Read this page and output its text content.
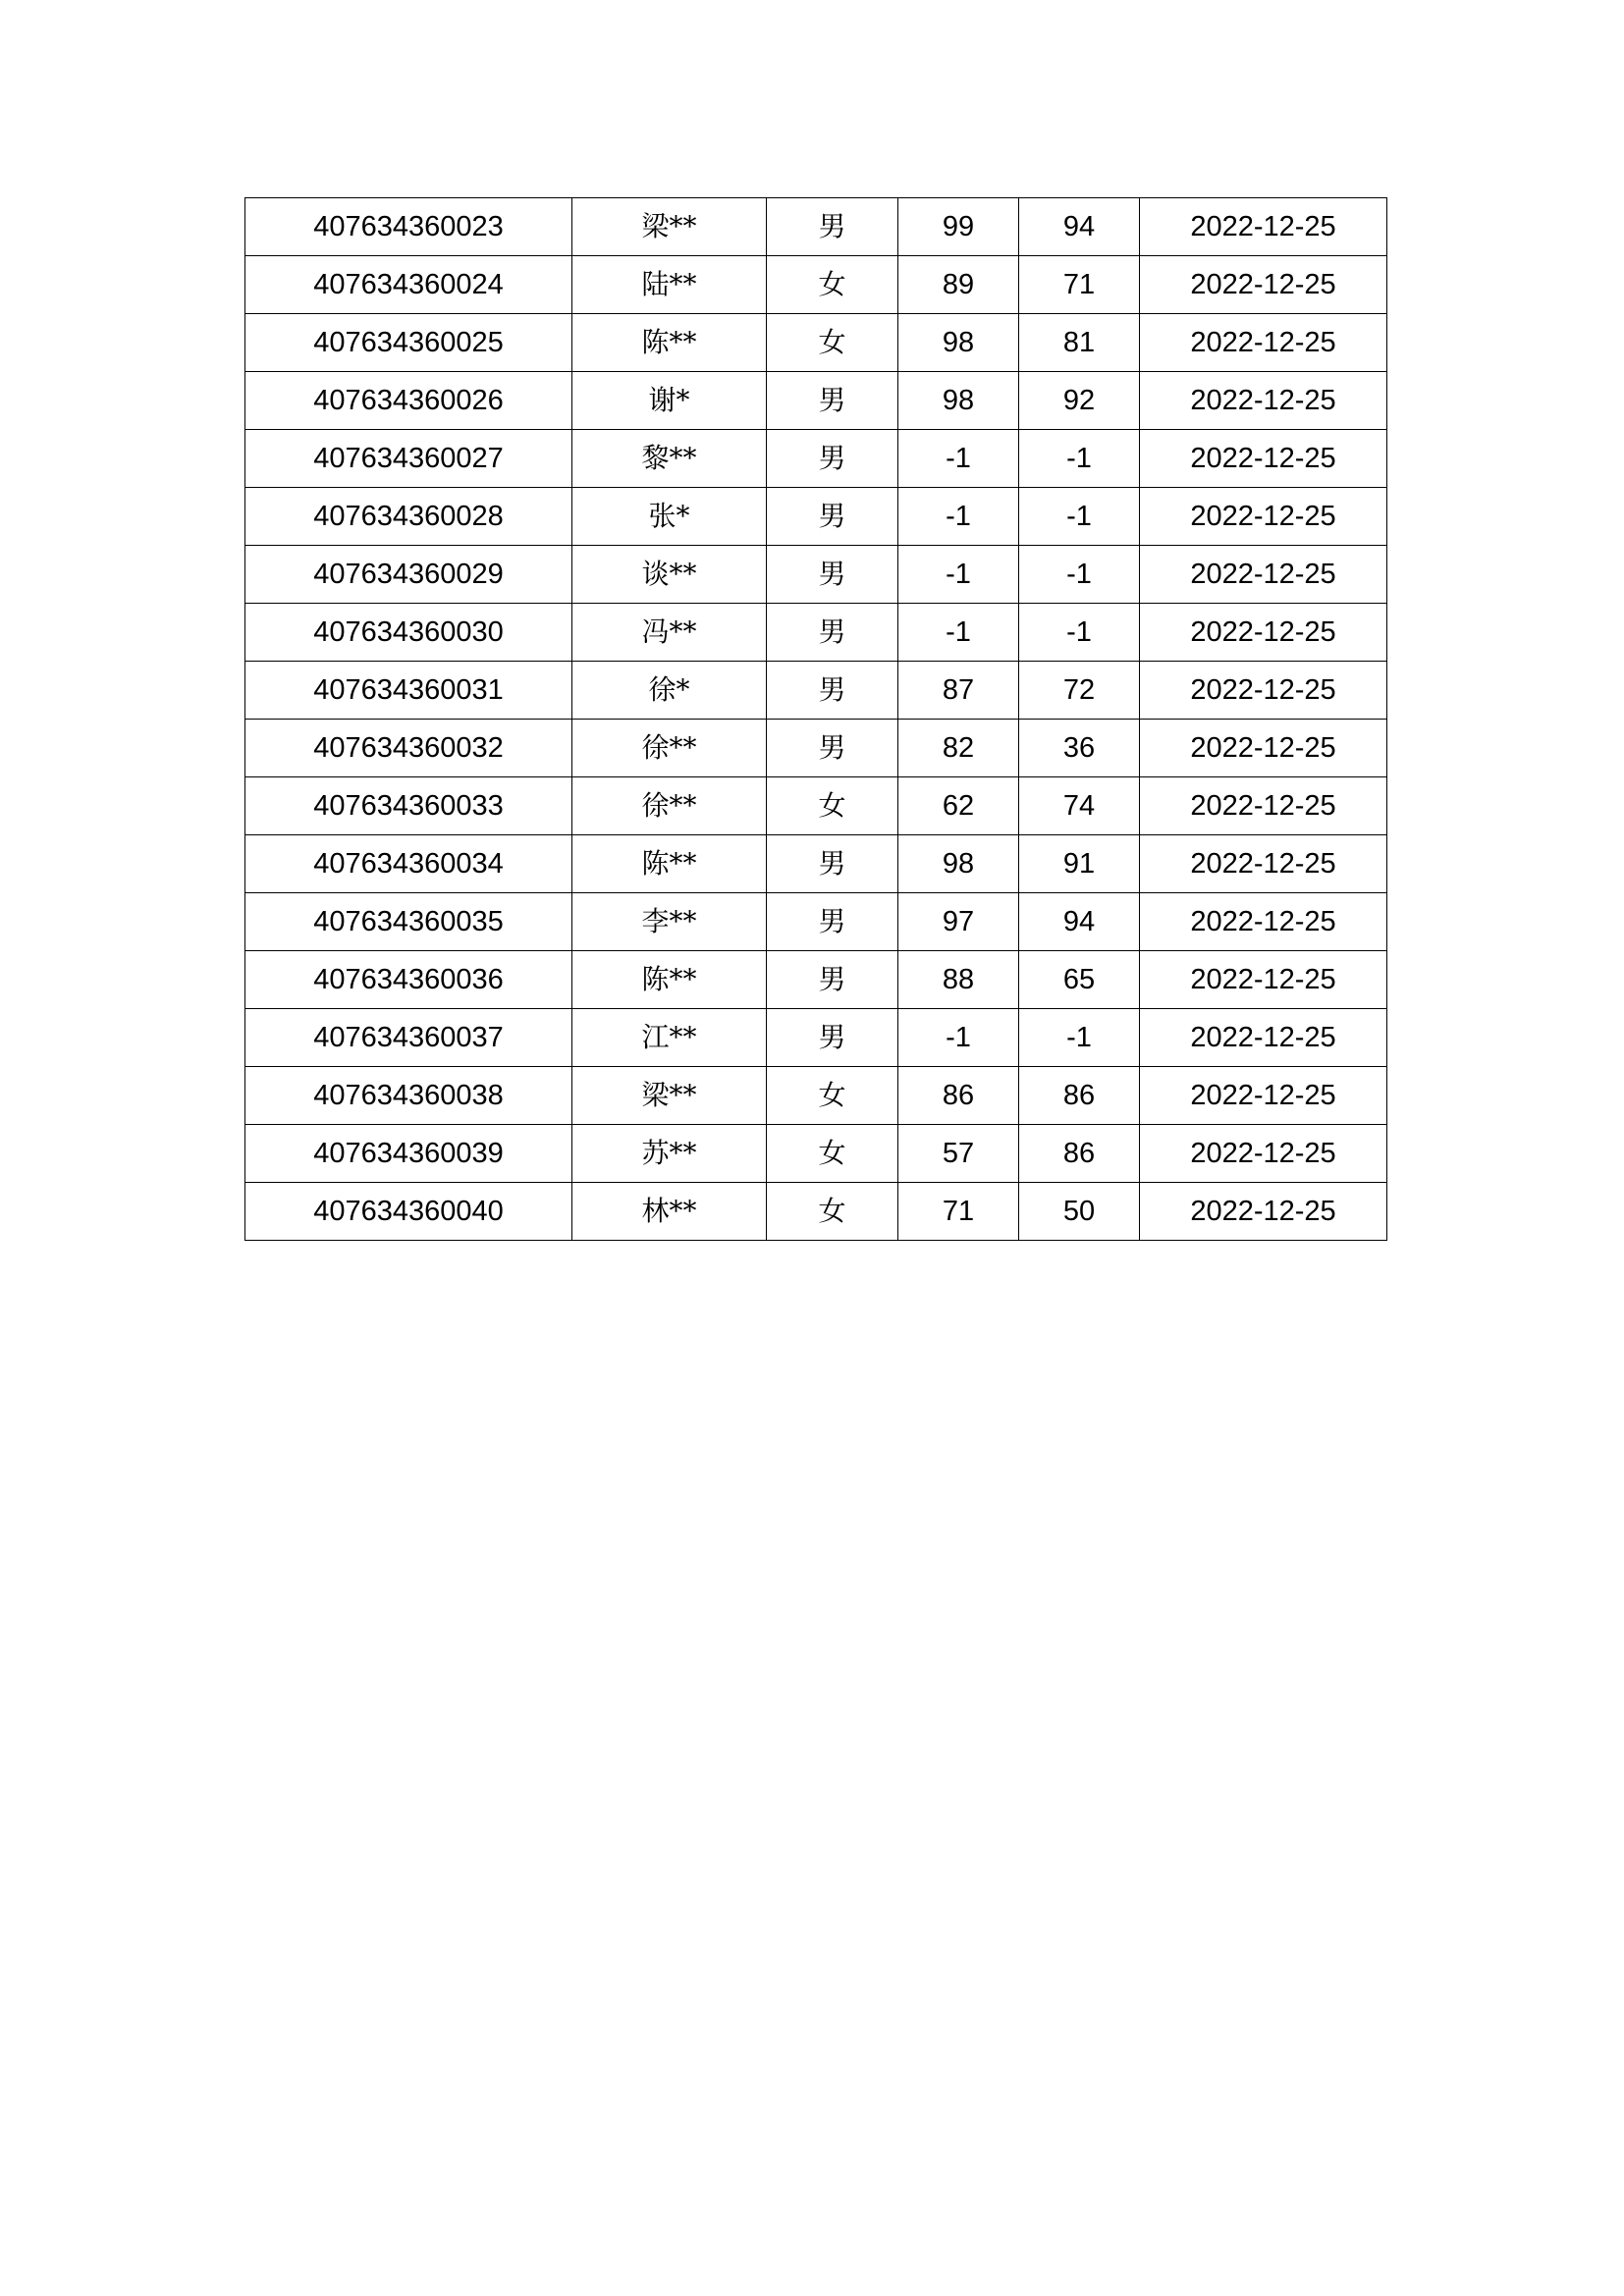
407634360023	梁**	男	99	94	2022-12-25
407634360024	陆**	女	89	71	2022-12-25
407634360025	陈**	女	98	81	2022-12-25
407634360026	谢*	男	98	92	2022-12-25
407634360027	黎**	男	-1	-1	2022-12-25
407634360028	张*	男	-1	-1	2022-12-25
407634360029	谈**	男	-1	-1	2022-12-25
407634360030	冯**	男	-1	-1	2022-12-25
407634360031	徐*	男	87	72	2022-12-25
407634360032	徐**	男	82	36	2022-12-25
407634360033	徐**	女	62	74	2022-12-25
407634360034	陈**	男	98	91	2022-12-25
407634360035	李**	男	97	94	2022-12-25
407634360036	陈**	男	88	65	2022-12-25
407634360037	江**	男	-1	-1	2022-12-25
407634360038	梁**	女	86	86	2022-12-25
407634360039	苏**	女	57	86	2022-12-25
407634360040	林**	女	71	50	2022-12-25
